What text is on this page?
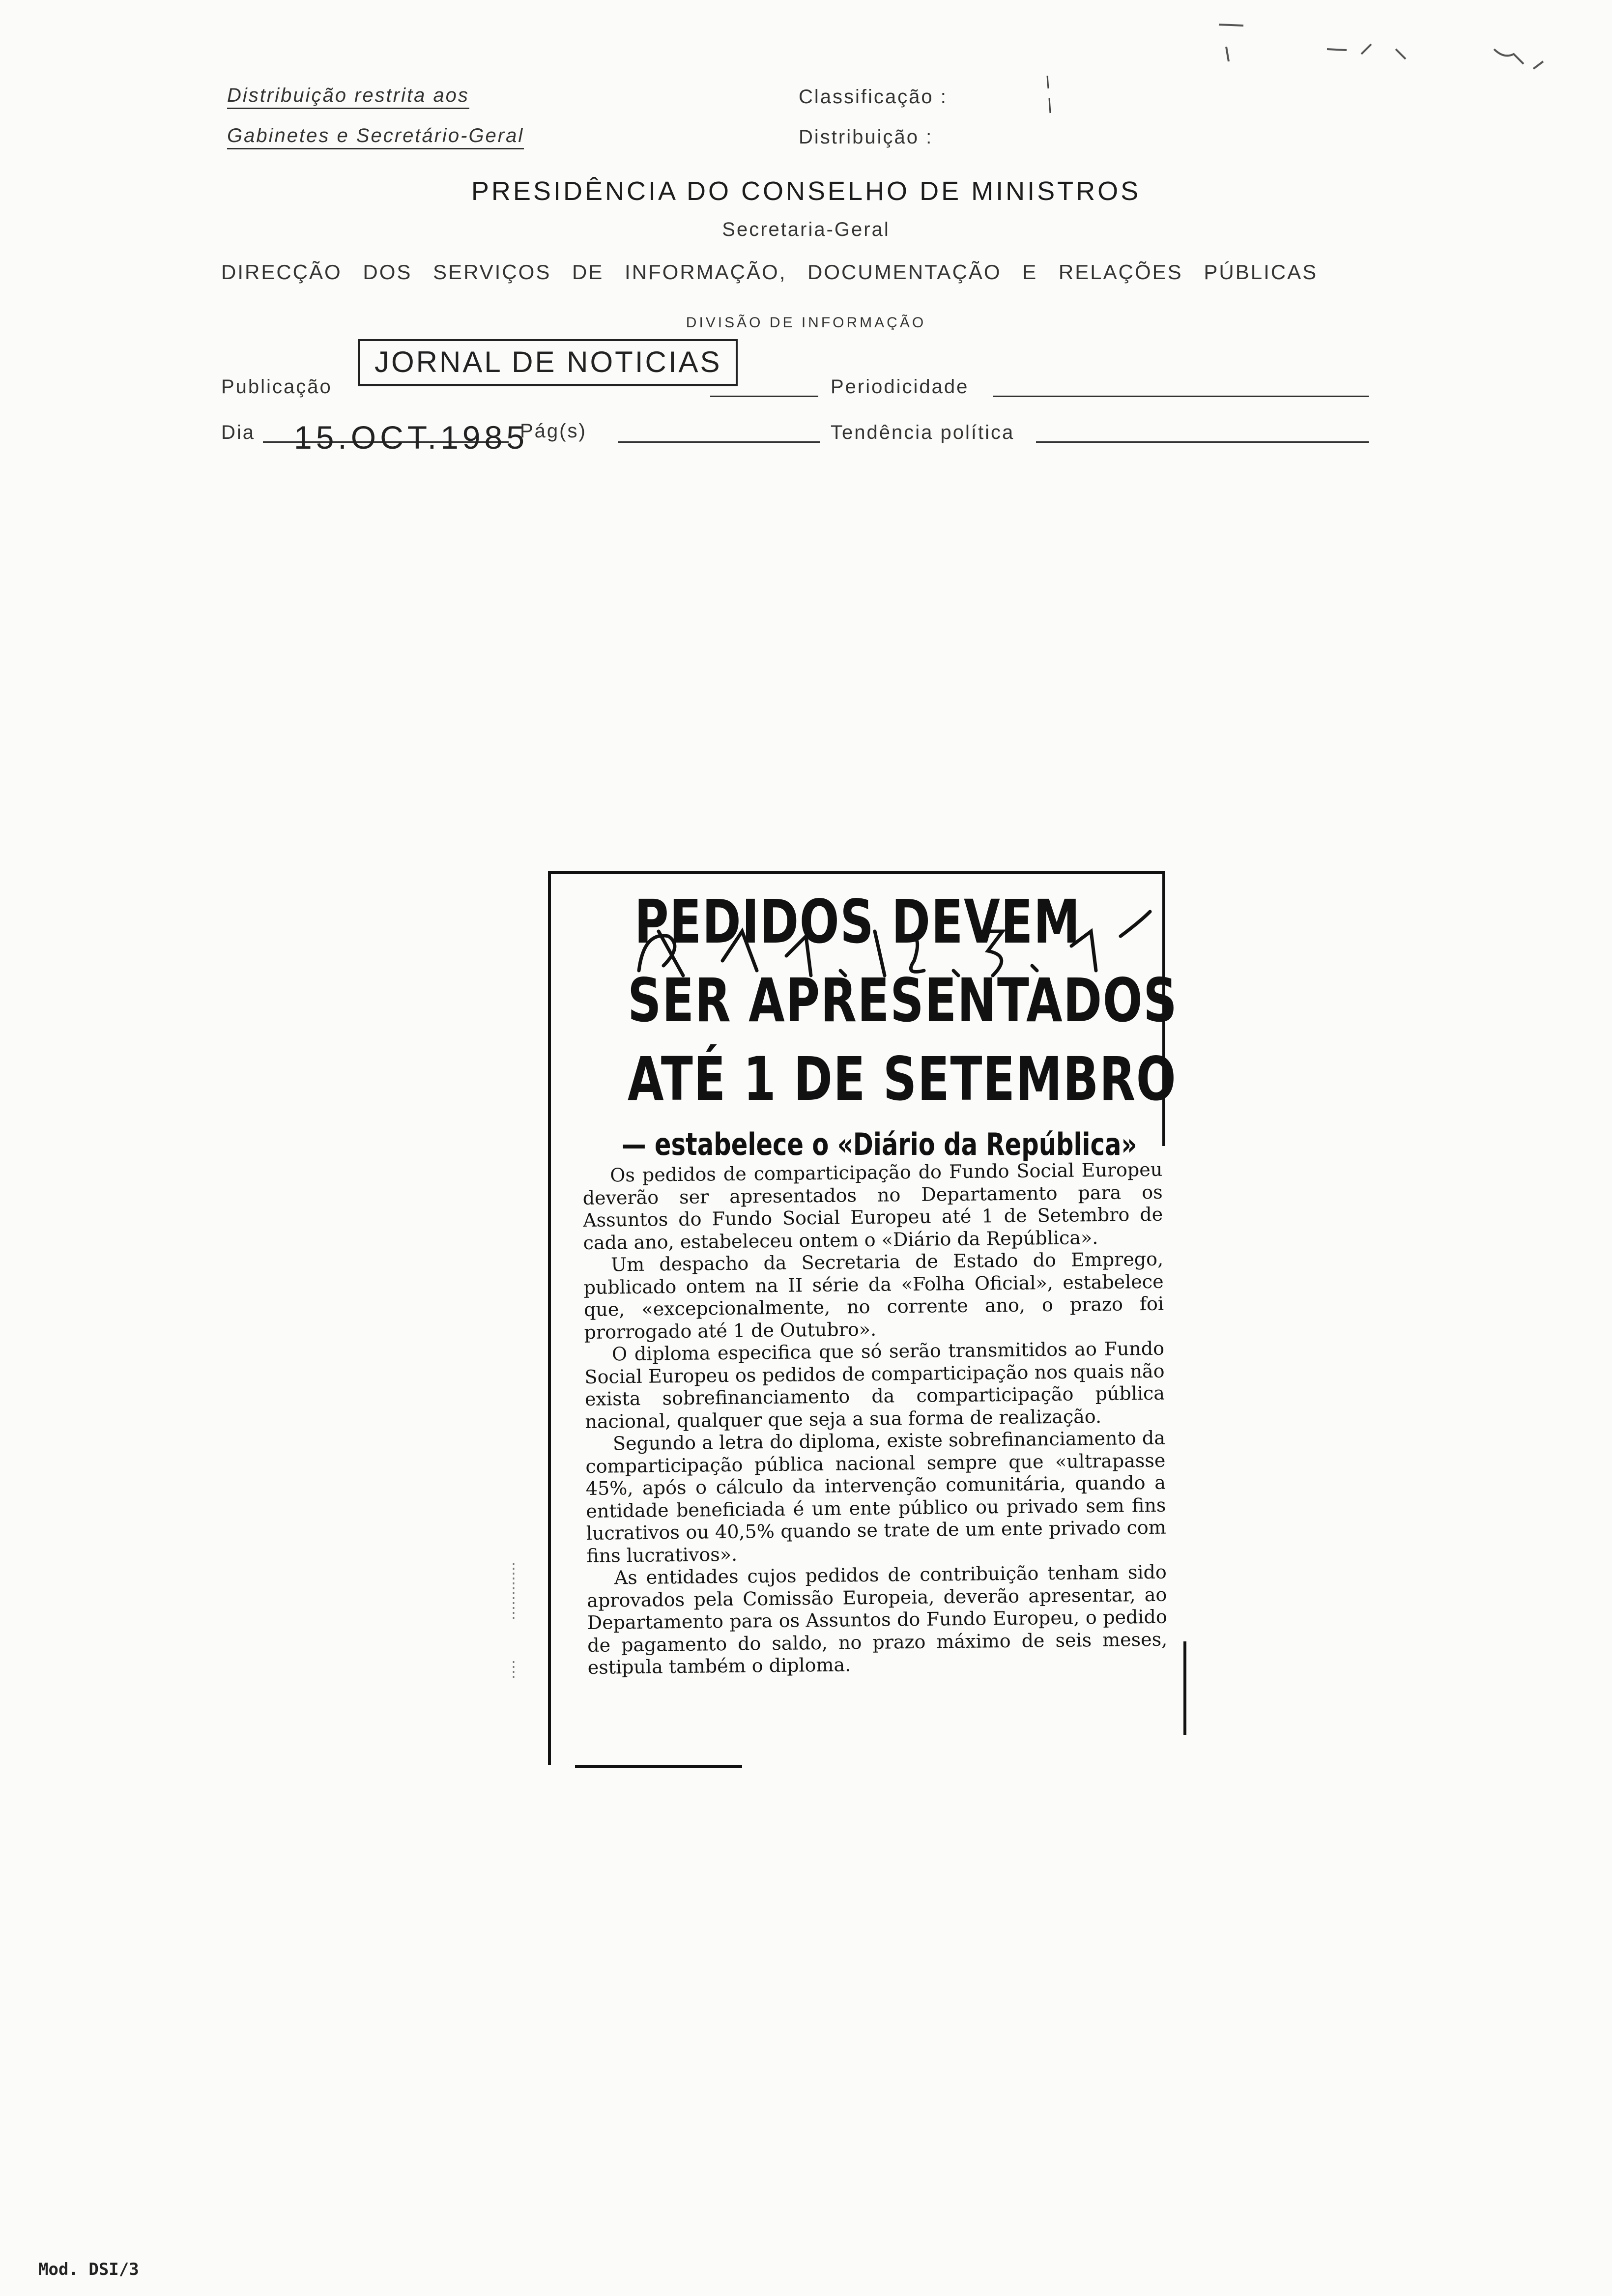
Distribuição restrita aos
Gabinetes e Secretário-Geral
Classificação :
Distribuição :
PRESIDÊNCIA DO CONSELHO DE MINISTROS
Secretaria-Geral
DIRECÇÃO DOS SERVIÇOS DE INFORMAÇÃO, DOCUMENTAÇÃO E RELAÇÕES PÚBLICAS
DIVISÃO DE INFORMAÇÃO
Publicação
JORNAL DE NOTICIAS
Periodicidade
Dia 15.OCT.1985
Pág(s)	Tendência política
PEDIDOS DEVEM
SER APRESENTADOS
ATÉ 1 DE SETEMBRO
— estabelece o «Diário da República»

Os pedidos de comparticipação do Fundo Social Europeu deverão ser apresentados no Departamento para os Assuntos do Fundo Social Europeu até 1 de Setembro de cada ano, estabeleceu ontem o «Diário da República».

Um despacho da Secretaria de Estado do Emprego, publicado ontem na II série da «Folha Oficial», estabelece que, «excepcionalmente, no corrente ano, o prazo foi prorrogado até 1 de Outubro».

O diploma especifica que só serão transmitidos ao Fundo Social Europeu os pedidos de comparticipação nos quais não exista sobrefinanciamento da comparticipação pública nacional, qualquer que seja a sua forma de realização.

Segundo a letra do diploma, existe sobrefinanciamento da comparticipação pública nacional sempre que «ultrapasse 45%, após o cálculo da intervenção comunitária, quando a entidade beneficiada é um ente público ou privado sem fins lucrativos ou 40,5% quando se trate de um ente privado com fins lucrativos».

As entidades cujos pedidos de contribuição tenham sido aprovados pela Comissão Europeia, deverão apresentar, ao Departamento para os Assuntos do Fundo Europeu, o pedido de pagamento do saldo, no prazo máximo de seis meses, estipula também o diploma.

Mod. DSI/3
